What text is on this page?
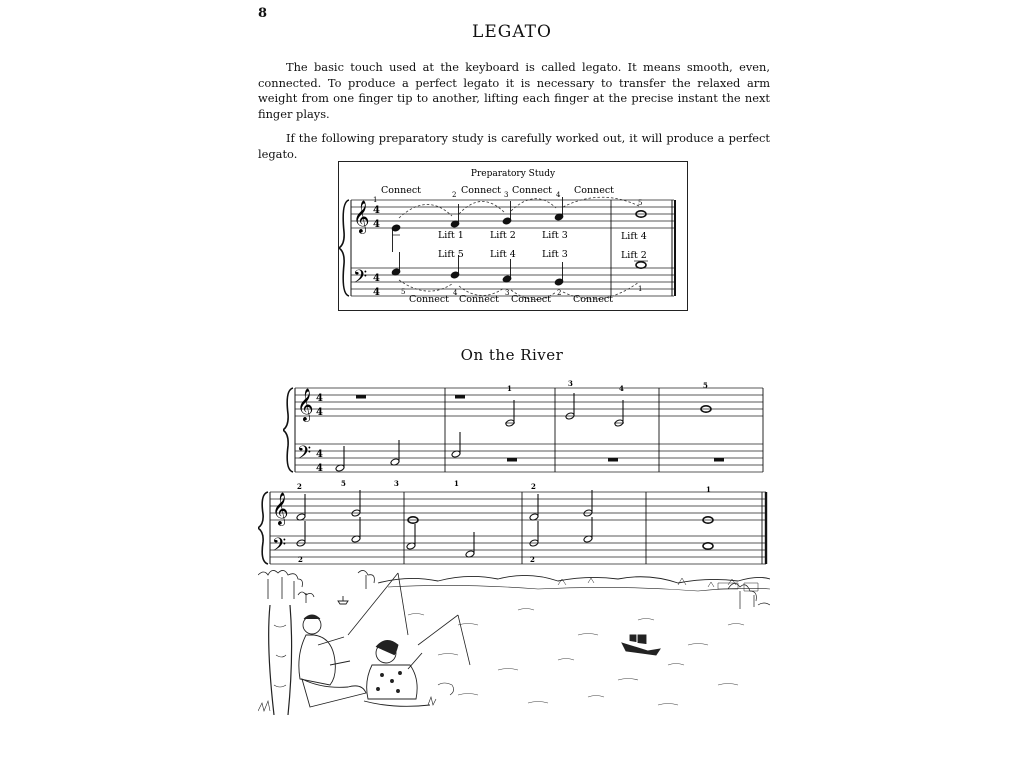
8
LEGATO

The basic touch used at the keyboard is called legato. It means smooth, even, connected. To produce a perfect legato it is necessary to transfer the relaxed arm weight from one finger tip to another, lifting each finger at the precise instant the next finger plays.

If the following preparatory study is carefully worked out, it will produce a perfect legato.

Preparatory Study
𝄞
𝄢
4
4
4
4
Connect	Connect Connect Connect
1
2	3	4
5
Lift 1	Lift 2	Lift 3	Lift 4
Lift 5	Lift 4	Lift 3	Lift 2
Connect Connect Connect Connect
5	4	3	2	1
On the River
𝄞
𝄢
4
4
4
4
1
3
4	5
5	3	1
𝄞
𝄢
2	2	1
2	2
